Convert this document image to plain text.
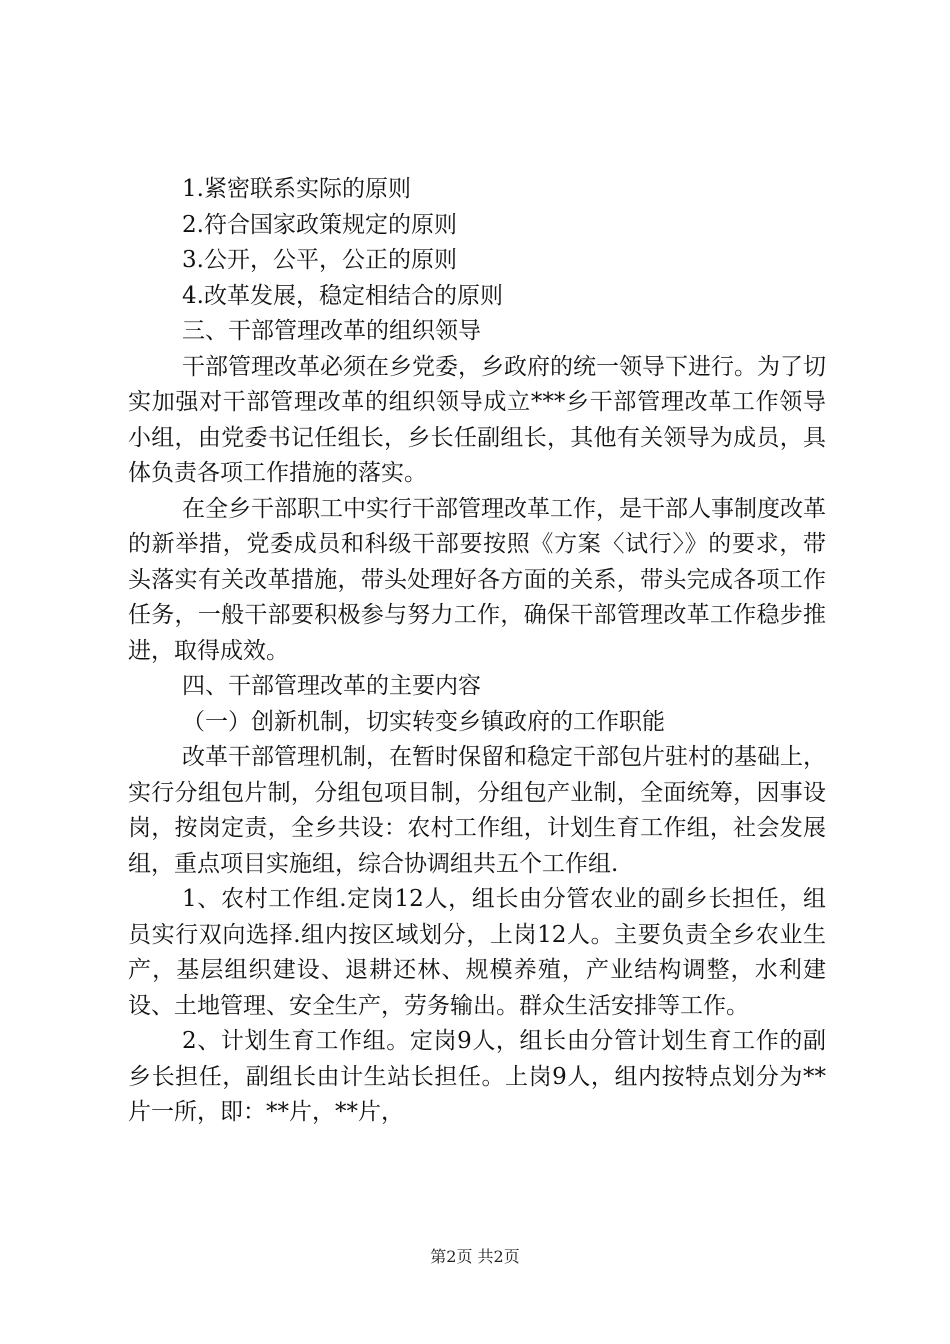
1.紧密联系实际的原则

2.符合国家政策规定的原则

3.公开，公平，公正的原则

4.改革发展，稳定相结合的原则

三、干部管理改革的组织领导

干部管理改革必须在乡党委，乡政府的统一领导下进行。为了切实加强对干部管理改革的组织领导成立***乡干部管理改革工作领导小组，由党委书记任组长，乡长任副组长，其他有关领导为成员，具体负责各项工作措施的落实。

在全乡干部职工中实行干部管理改革工作，是干部人事制度改革的新举措，党委成员和科级干部要按照《方案〈试行〉》的要求，带头落实有关改革措施，带头处理好各方面的关系，带头完成各项工作任务，一般干部要积极参与努力工作，确保干部管理改革工作稳步推进，取得成效。

四、干部管理改革的主要内容

（一）创新机制，切实转变乡镇政府的工作职能

改革干部管理机制，在暂时保留和稳定干部包片驻村的基础上，实行分组包片制，分组包项目制，分组包产业制，全面统筹，因事设岗，按岗定责，全乡共设：农村工作组，计划生育工作组，社会发展组，重点项目实施组，综合协调组共五个工作组.

1、农村工作组.定岗12人，组长由分管农业的副乡长担任，组员实行双向选择.组内按区域划分，上岗12人。主要负责全乡农业生产，基层组织建设、退耕还林、规模养殖，产业结构调整，水利建设、土地管理、安全生产，劳务输出。群众生活安排等工作。

2、计划生育工作组。定岗9人，组长由分管计划生育工作的副乡长担任，副组长由计生站长担任。上岗9人，组内按特点划分为**片一所，即：**片，**片，

第2页 共2页
